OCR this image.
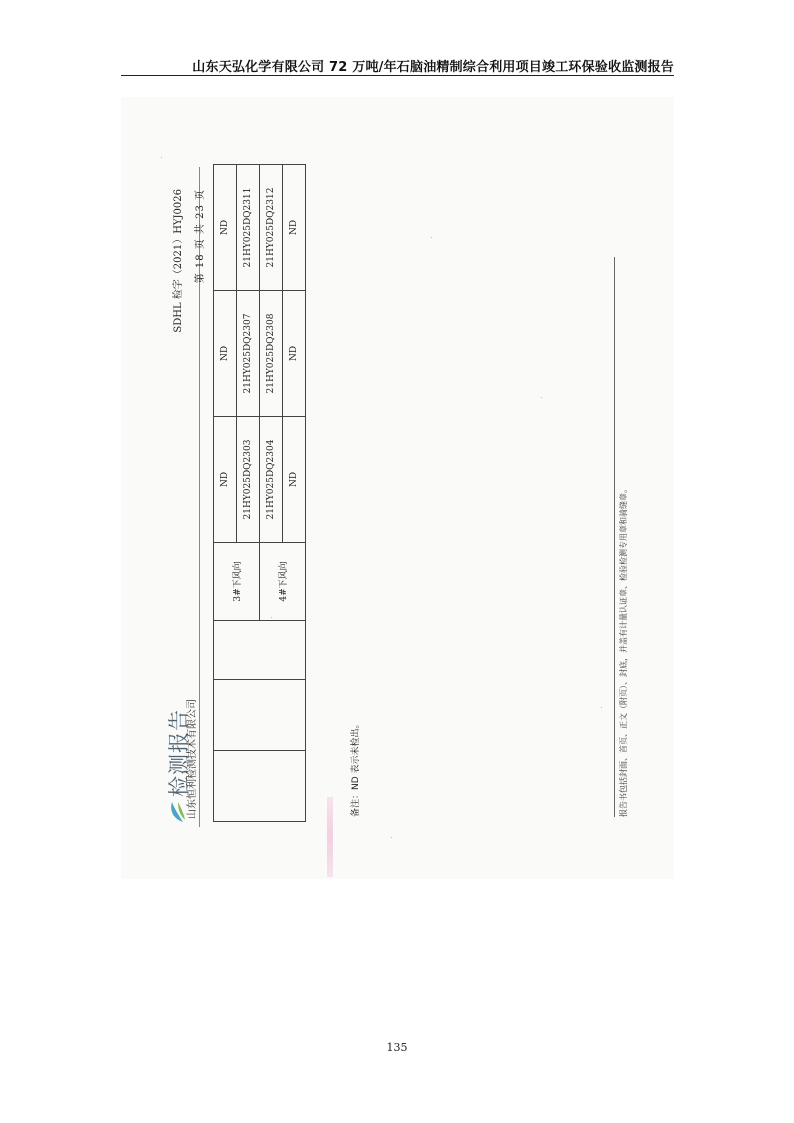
山东天弘化学有限公司 72 万吨/年石脑油精制综合利用项目竣工环保验收监测报告
检测报告
山东恒利检测技术有限公司
SDHL 检字（2021）HYJ0026	第 18 页 共 23 页
			3#下风向	ND	ND	ND
				21HY025DQ2303	21HY025DQ2307	21HY025DQ2311
			4#下风向	21HY025DQ2304	21HY025DQ2308	21HY025DQ2312
				ND	ND	ND
备注：ND 表示未检出。	报告书包括封面、首页、正文（附页）、封底，并盖有计量认证章、检验检测专用章和骑缝章。
135
